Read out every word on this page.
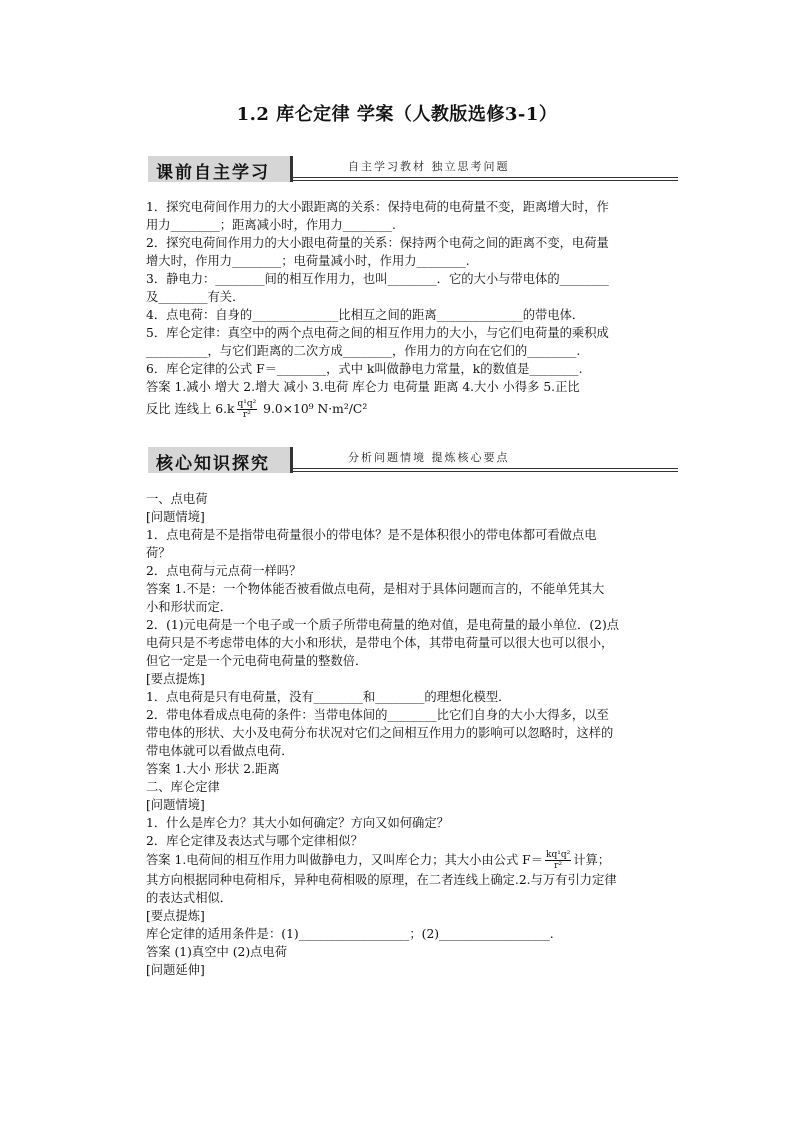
1.2 库仑定律 学案（人教版选修3-1）
课前自主学习	自主学习教材 独立思考问题

1．探究电荷间作用力的大小跟距离的关系：保持电荷的电荷量不变，距离增大时，作

用力________；距离减小时，作用力________.

2．探究电荷间作用力的大小跟电荷量的关系：保持两个电荷之间的距离不变，电荷量

增大时，作用力________；电荷量减小时，作用力________.

3．静电力：________间的相互作用力，也叫________．它的大小与带电体的________

及________有关．

4．点电荷：自身的______________比相互之间的距离______________的带电体．

5．库仑定律：真空中的两个点电荷之间的相互作用力的大小，与它们电荷量的乘积成

__________，与它们距离的二次方成________，作用力的方向在它们的________.

6．库仑定律的公式 F＝________，式中 k叫做静电力常量，k的数值是________.

答案 1.减小 增大 2.增大 减小 3.电荷 库仑力 电荷量 距离 4.大小 小得多 5.正比

反比 连线上 $6.k \frac{\text{q¹q²}}{\text{r²}} 9.0\times 10^9$ N·m²/C²

核心知识探究	分析问题情境 提炼核心要点

一、点电荷

[问题情境]

1．点电荷是不是指带电荷量很小的带电体？是不是体积很小的带电体都可看做点电

荷？

2．点电荷与元点荷一样吗？

答案 1.不是：一个物体能否被看做点电荷，是相对于具体问题而言的，不能单凭其大

小和形状而定．

2．(1)元电荷是一个电子或一个质子所带电荷量的绝对值，是电荷量的最小单位．(2)点

电荷只是不考虑带电体的大小和形状，是带电个体，其带电荷量可以很大也可以很小，

但它一定是一个元电荷电荷量的整数倍．

[要点提炼]

1．点电荷是只有电荷量，没有________和________的理想化模型．

2．带电体看成点电荷的条件：当带电体间的________比它们自身的大小大得多，以至

带电体的形状、大小及电荷分布状况对它们之间相互作用力的影响可以忽略时，这样的

带电体就可以看做点电荷．

答案 1.大小 形状 2.距离

二、库仑定律

[问题情境]

1．什么是库仑力？其大小如何确定？方向又如何确定？

2．库仑定律及表达式与哪个定律相似？

答案 1.电荷间的相互作用力叫做静电力，又叫库仑力；其大小由公式 $F= \frac{\text{kq¹q²}}{\text{r²}}$ 计算；

其方向根据同种电荷相斥，异种电荷相吸的原理，在二者连线上确定.2.与万有引力定律

的表达式相似．

[要点提炼]

库仑定律的适用条件是：(1)__________________；(2)__________________.

答案 (1)真空中 (2)点电荷

[问题延伸]
